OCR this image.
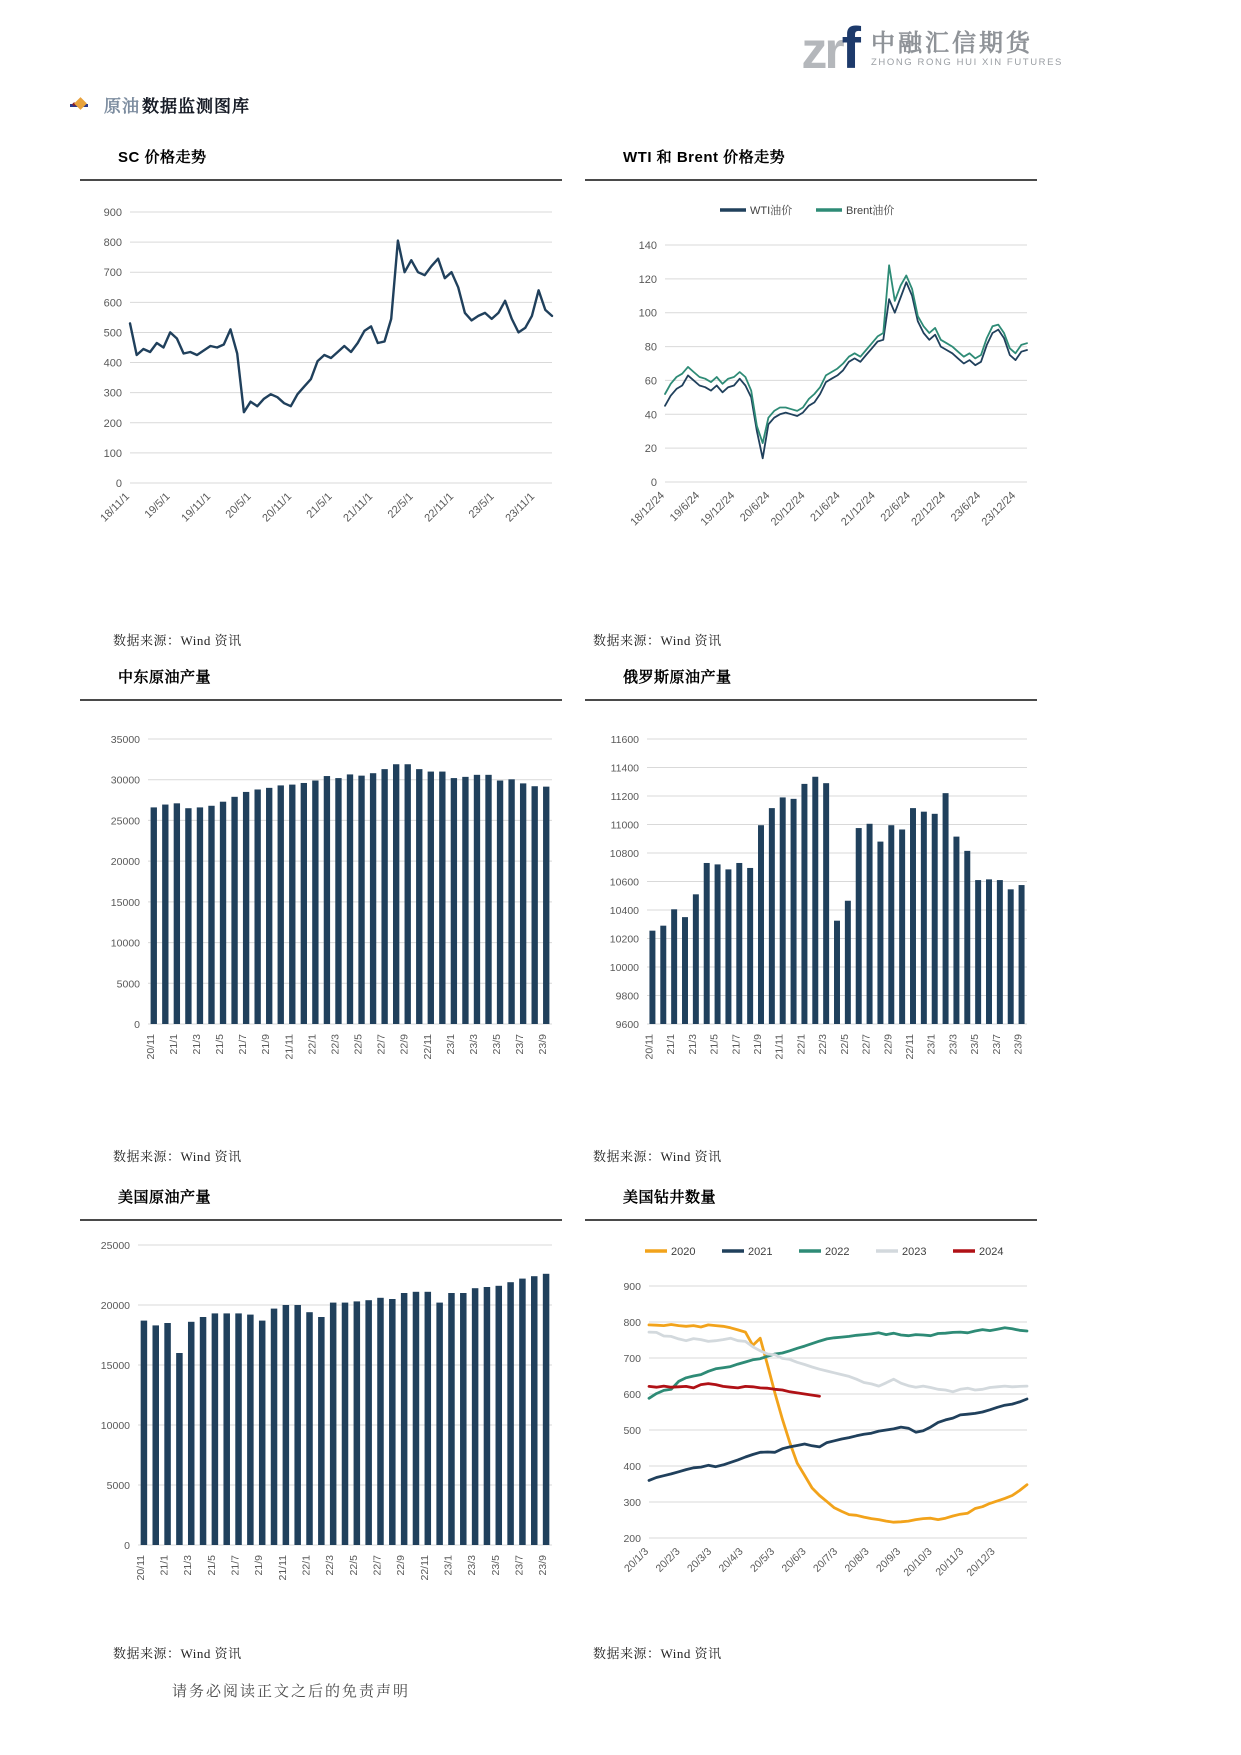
zrf 中融汇信期货
ZHONG RONG HUI XIN FUTURES
原油 数据监测图库
SC 价格走势
0
100
200
300
400
500
600
700
800
900
18/11/1 19/5/1 19/11/1 20/5/1 20/11/1 21/5/1 21/11/1 22/5/1 22/11/1 23/5/1 23/11/1
WTI 和 Brent 价格走势
0
20
40
60
80
100
120
140
18/12/24 19/6/24
19/12/24 20/6/24
20/12/24 21/6/24
21/12/24 22/6/24
22/12/24 23/6/24
23/12/24
WTI油价	Brent油价
中东原油产量
0
5000
10000
15000
20000
25000
30000
35000
20/11 21/1 21/3 21/5 21/7 21/9 21/11 22/1 22/3 22/5 22/7 22/9 22/11 23/1 23/3 23/5 23/7 23/9
俄罗斯原油产量
9600
9800
10000
10200
10400
10600
10800
11000
11200
11400
11600
20/11 21/1 21/3 21/5 21/7 21/9 21/11 22/1 22/3 22/5 22/7 22/9 22/11 23/1 23/3 23/5 23/7 23/9
美国原油产量
0
5000
10000
15000
20000
25000
20/11 21/1 21/3 21/5 21/7 21/9 21/11 22/1 22/3 22/5 22/7 22/9 22/11 23/1 23/3 23/5 23/7 23/9
美国钻井数量
200
300
400
500
600
700
800
900
20/1/3 20/2/3 20/3/3 20/4/3 20/5/3 20/6/3 20/7/3 20/8/3 20/9/3
20/10/3
20/11/3
20/12/3
2020	2021	2022	2023	2024
数据来源：Wind 资讯	数据来源：Wind 资讯
数据来源：Wind 资讯	数据来源：Wind 资讯
数据来源：Wind 资讯	数据来源：Wind 资讯
请务必阅读正文之后的免责声明
